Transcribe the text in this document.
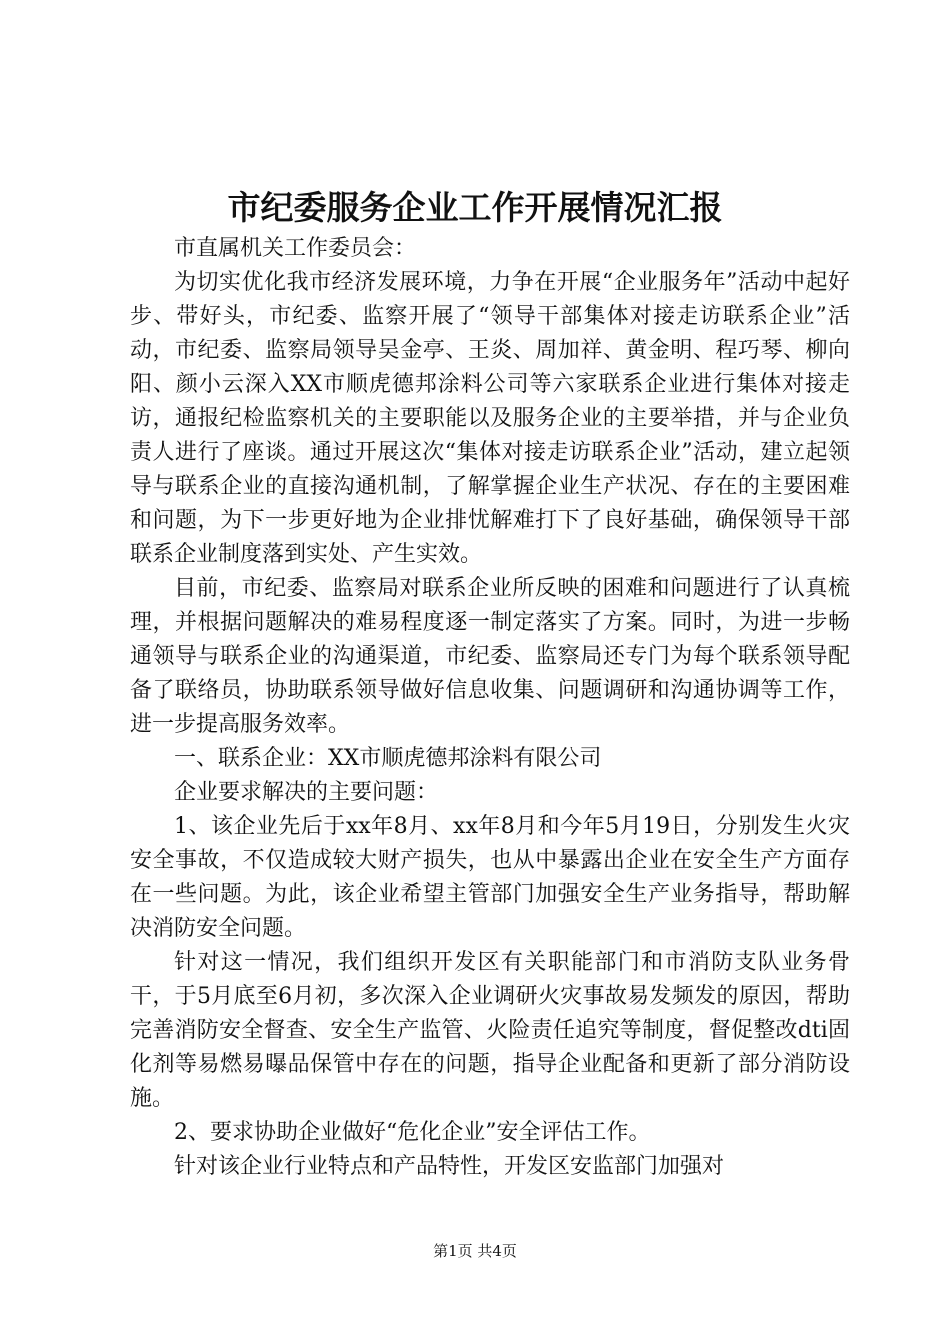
市纪委服务企业工作开展情况汇报

市直属机关工作委员会：

为切实优化我市经济发展环境，力争在开展“企业服务年”活动中起好步、带好头，市纪委、监察开展了“领导干部集体对接走访联系企业”活动，市纪委、监察局领导吴金亭、王炎、周加祥、黄金明、程巧琴、柳向阳、颜小云深入XX市顺虎德邦涂料公司等六家联系企业进行集体对接走访，通报纪检监察机关的主要职能以及服务企业的主要举措，并与企业负责人进行了座谈。通过开展这次“集体对接走访联系企业”活动，建立起领导与联系企业的直接沟通机制，了解掌握企业生产状况、存在的主要困难和问题，为下一步更好地为企业排忧解难打下了良好基础，确保领导干部联系企业制度落到实处、产生实效。

目前，市纪委、监察局对联系企业所反映的困难和问题进行了认真梳理，并根据问题解决的难易程度逐一制定落实了方案。同时，为进一步畅通领导与联系企业的沟通渠道，市纪委、监察局还专门为每个联系领导配备了联络员，协助联系领导做好信息收集、问题调研和沟通协调等工作，进一步提高服务效率。

一、联系企业：XX市顺虎德邦涂料有限公司

企业要求解决的主要问题：

1、该企业先后于xx年8月、xx年8月和今年5月19日，分别发生火灾安全事故，不仅造成较大财产损失，也从中暴露出企业在安全生产方面存在一些问题。为此，该企业希望主管部门加强安全生产业务指导，帮助解决消防安全问题。

针对这一情况，我们组织开发区有关职能部门和市消防支队业务骨干，于5月底至6月初，多次深入企业调研火灾事故易发频发的原因，帮助完善消防安全督查、安全生产监管、火险责任追究等制度，督促整改dti固化剂等易燃易曝品保管中存在的问题，指导企业配备和更新了部分消防设施。

2、要求协助企业做好“危化企业”安全评估工作。

针对该企业行业特点和产品特性，开发区安监部门加强对

第1页 共4页
